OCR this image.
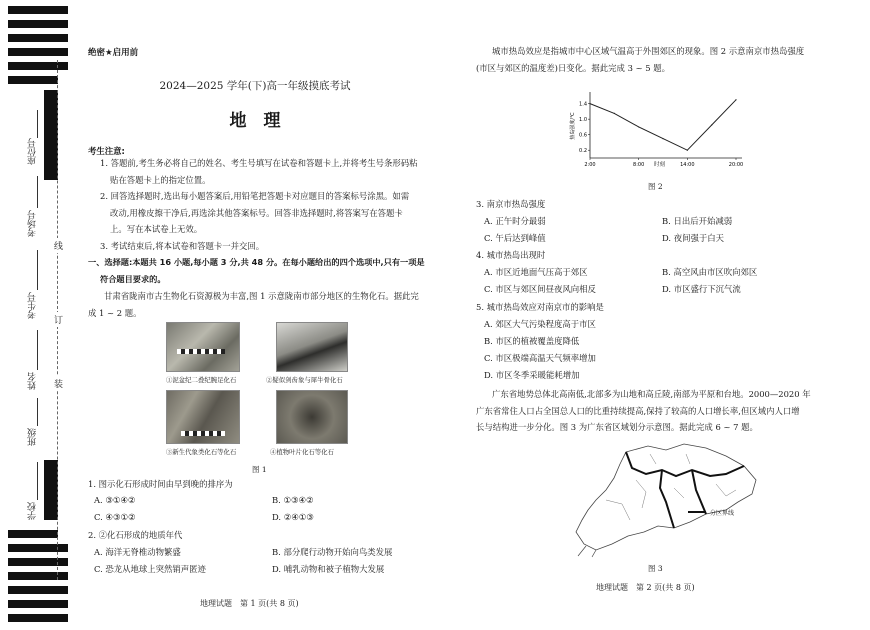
座位号
考场号
考生号
姓名
班级
学校
线
订
装
绝密★启用前
2024—2025 学年(下)高一年级摸底考试
地　理
考生注意:

1. 答题前,考生务必将自己的姓名、考生号填写在试卷和答题卡上,并将考生号条形码粘

贴在答题卡上的指定位置。

2. 回答选择题时,选出每小题答案后,用铅笔把答题卡对应题目的答案标号涂黑。如需

改动,用橡皮擦干净后,再选涂其他答案标号。回答非选择题时,将答案写在答题卡

上。写在本试卷上无效。

3. 考试结束后,将本试卷和答题卡一并交回。

一、选择题:本题共 16 小题,每小题 3 分,共 48 分。在每小题给出的四个选项中,只有一项是

符合题目要求的。

甘肃省陇南市古生物化石资源极为丰富,图 1 示意陇南市部分地区的生物化石。据此完

成 1 ~ 2 题。

①泥盆纪二叠纪腕足化石	②疑似剑齿象与犀牛骨化石
③新生代象类化石等化石	④植物叶片化石等化石
图 1
1. 图示化石形成时间由早到晚的排序为
A. ③①④②	B. ①③④②
C. ④③①②	D. ②④①③
2. ②化石形成的地质年代
A. 海洋无脊椎动物繁盛	B. 部分爬行动物开始向鸟类发展
C. 恐龙从地球上突然销声匿迹	D. 哺乳动物和被子植物大发展
地理试题　第 1 页(共 8 页)

城市热岛效应是指城市中心区域气温高于外围郊区的现象。图 2 示意南京市热岛强度

(市区与郊区的温度差)日变化。据此完成 3 ~ 5 题。

0.2
0.6
1.0
1.4
2:00	8:00	14:00	20:00
热岛强度/℃
时刻
图 2
3. 南京市热岛强度
A. 正午时分最弱	B. 日出后开始减弱
C. 午后达到峰值	D. 夜间强于白天
4. 城市热岛出现时
A. 市区近地面气压高于郊区	B. 高空风由市区吹向郊区
C. 市区与郊区间昼夜风向相反	D. 市区盛行下沉气流
5. 城市热岛效应对南京市的影响是
A. 郊区大气污染程度高于市区
B. 市区的植被覆盖度降低
C. 市区极端高温天气频率增加
D. 市区冬季采暖能耗增加

广东省地势总体北高南低,北部多为山地和高丘陵,南部为平原和台地。2000—2020 年

广东省常住人口占全国总人口的比重持续提高,保持了较高的人口增长率,但区域内人口增

长与结构进一步分化。图 3 为广东省区域划分示意图。据此完成 6 ~ 7 题。

分区界线
图 3
地理试题　第 2 页(共 8 页)
